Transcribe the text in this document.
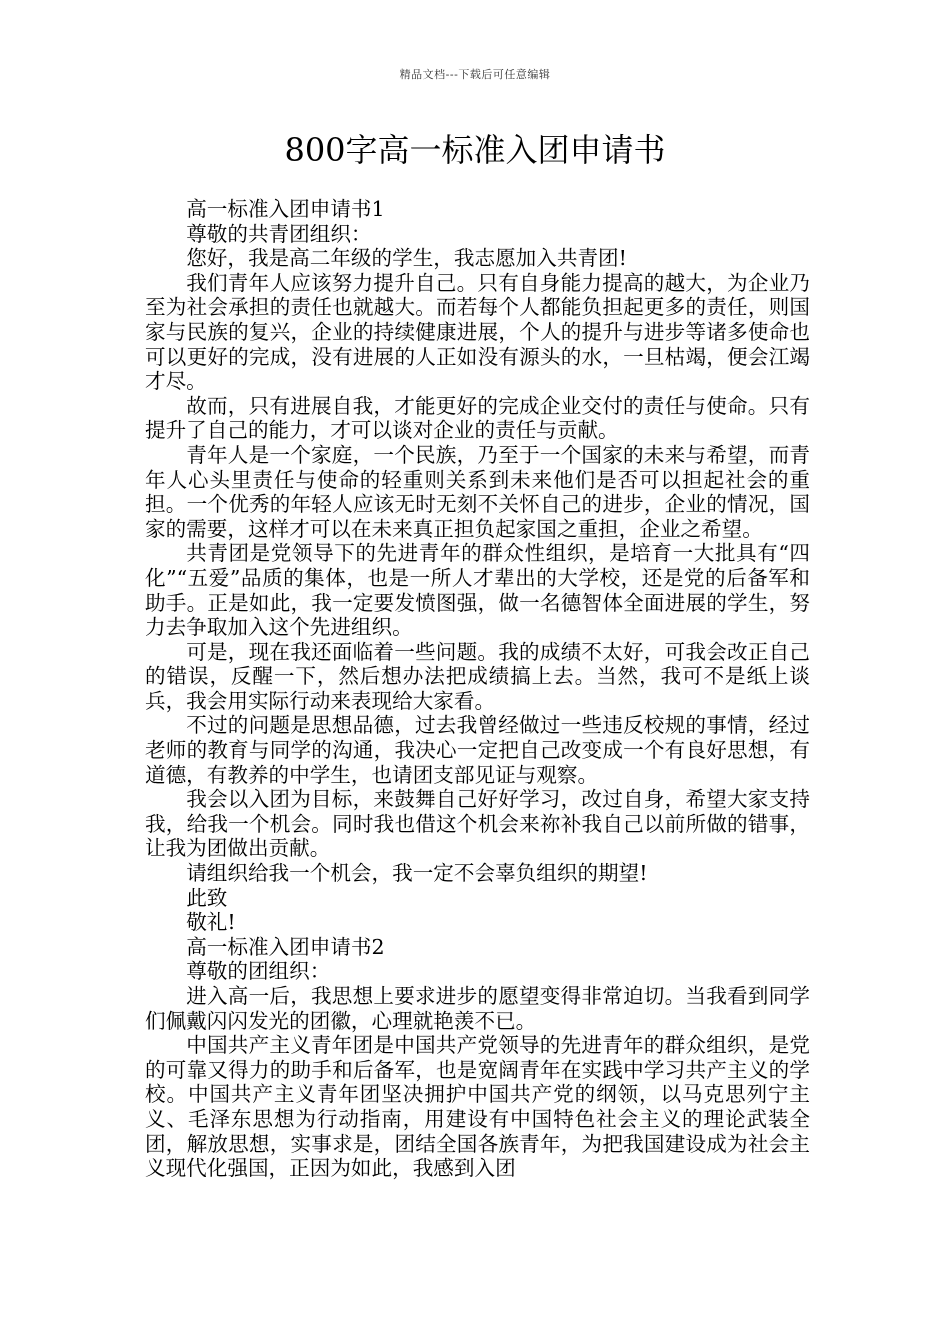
精品文档---下载后可任意编辑
800字高一标准入团申请书

高一标准入团申请书1

尊敬的共青团组织：

您好，我是高二年级的学生，我志愿加入共青团!

我们青年人应该努力提升自己。只有自身能力提高的越大，为企业乃至为社会承担的责任也就越大。而若每个人都能负担起更多的责任，则国家与民族的复兴，企业的持续健康进展，个人的提升与进步等诸多使命也可以更好的完成，没有进展的人正如没有源头的水，一旦枯竭，便会江竭才尽。

故而，只有进展自我，才能更好的完成企业交付的责任与使命。只有提升了自己的能力，才可以谈对企业的责任与贡献。

青年人是一个家庭，一个民族，乃至于一个国家的未来与希望，而青年人心头里责任与使命的轻重则关系到未来他们是否可以担起社会的重担。一个优秀的年轻人应该无时无刻不关怀自己的进步，企业的情况，国家的需要，这样才可以在未来真正担负起家国之重担，企业之希望。

共青团是党领导下的先进青年的群众性组织，是培育一大批具有“四化”“五爱”品质的集体，也是一所人才辈出的大学校，还是党的后备军和助手。正是如此，我一定要发愤图强，做一名德智体全面进展的学生，努力去争取加入这个先进组织。

可是，现在我还面临着一些问题。我的成绩不太好，可我会改正自己的错误，反醒一下，然后想办法把成绩搞上去。当然，我可不是纸上谈兵，我会用实际行动来表现给大家看。

不过的问题是思想品德，过去我曾经做过一些违反校规的事情，经过老师的教育与同学的沟通，我决心一定把自己改变成一个有良好思想，有道德，有教养的中学生，也请团支部见证与观察。

我会以入团为目标，来鼓舞自己好好学习，改过自身，希望大家支持我，给我一个机会。同时我也借这个机会来祢补我自己以前所做的错事，让我为团做出贡献。

请组织给我一个机会，我一定不会辜负组织的期望!

此致

敬礼!

高一标准入团申请书2

尊敬的团组织：

进入高一后，我思想上要求进步的愿望变得非常迫切。当我看到同学们佩戴闪闪发光的团徽，心理就艳羡不已。

中国共产主义青年团是中国共产党领导的先进青年的群众组织，是党的可靠又得力的助手和后备军，也是宽阔青年在实践中学习共产主义的学校。中国共产主义青年团坚决拥护中国共产党的纲领，以马克思列宁主义、毛泽东思想为行动指南，用建设有中国特色社会主义的理论武装全团，解放思想，实事求是，团结全国各族青年，为把我国建设成为社会主义现代化强国，正因为如此，我感到入团
